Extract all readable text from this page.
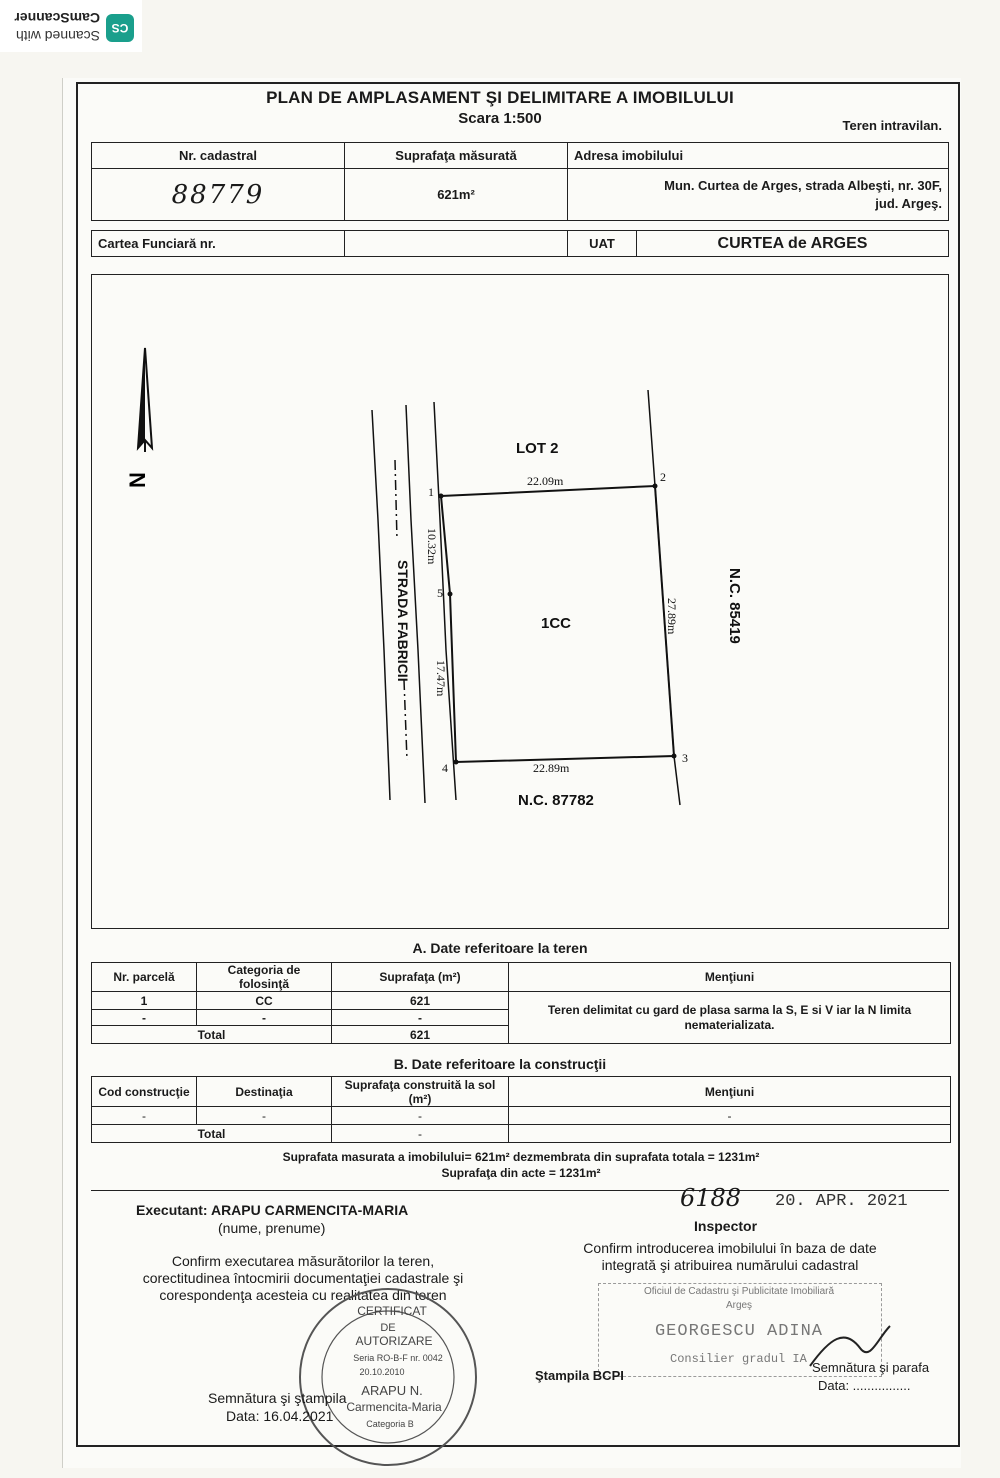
CS
Scanned with
CamScanner
PLAN DE AMPLASAMENT ŞI DELIMITARE A IMOBILULUI
Scara 1:500	Teren intravilan.
Nr. cadastral	Suprafaţa măsurată	Adresa imobilului
88779	621m²	Mun. Curtea de Arges, strada Albeşti, nr. 30F,
jud. Argeş.
Cartea Funciară nr.		UAT	CURTEA de ARGES
N
1
2
3
4
5
22.09m
22.89m
27.89m
10.32m
17.47m
LOT 2
1CC
N.C. 87782
N.C. 85419
STRADA FABRICII
A. Date referitoare la teren
Nr. parcelă	Categoria de folosinţă	Suprafaţa (m²)	Menţiuni
1	CC	621	Teren delimitat cu gard de plasa sarma la S, E si V iar la N limita nematerializata.
-	-	-	
Total		621	
B. Date referitoare la construcţii
Cod construcţie	Destinaţia	Suprafaţa construită la sol (m²)	Menţiuni
-	-	-	-
Total		-	
Suprafata masurata a imobilului= 621m² dezmembrata din suprafata totala = 1231m²
Suprafaţa din acte = 1231m²
Executant: ARAPU CARMENCITA-MARIA
(nume, prenume)
Confirm executarea măsurătorilor la teren,
corectitudinea întocmirii documentaţiei cadastrale şi
corespondenţa acesteia cu realitatea din teren
CERTIFICAT
DE
AUTORIZARE
Seria RO-B-F nr. 0042
20.10.2010
ARAPU N.
Carmencita-Maria
Categoria B
Semnătura şi ştampila
Data: 16.04.2021
6188 20. APR. 2021
Inspector
Confirm introducerea imobilului în baza de date
integrată şi atribuirea numărului cadastral
Oficiul de Cadastru şi Publicitate Imobiliară
Argeş
GEORGESCU ADINA
Consilier gradul IA
Ştampila BCPI
Semnătura şi parafa
Data: ................
